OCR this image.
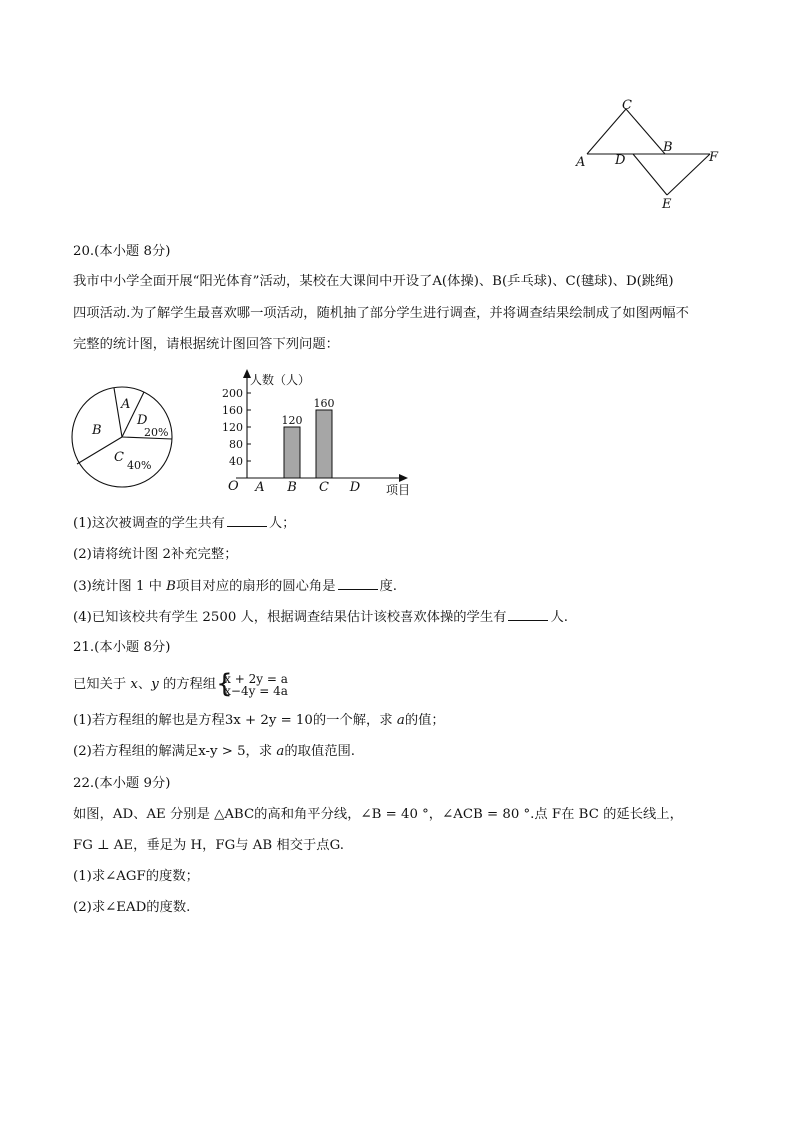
C
B
A D	F
E
20.(本小题 8分)
我市中小学全面开展“阳光体育”活动，某校在大课间中开设了A(体操)、B(乒乓球)、C(毽球)、D(跳绳)
四项活动.为了解学生最喜欢哪一项活动，随机抽了部分学生进行调查，并将调查结果绘制成了如图两幅不
完整的统计图，请根据统计图回答下列问题：
A
D
20%
B
C
40%
人数（人）
项目
O
40
80
120
160
200
120
160
A B C D
(1)这次被调查的学生共有	人；
(2)请将统计图 2补充完整；
(3)统计图 1 中 B项目对应的扇形的圆心角是	度.
(4)已知该校共有学生 2500 人，根据调查结果估计该校喜欢体操的学生有	人.
21.(本小题 8分)
已知关于 x、y 的方程组 {
x + 2y = a
x−4y = 4a
(1)若方程组的解也是方程3x + 2y = 10的一个解，求 a的值；
(2)若方程组的解满足x-y > 5，求 a的取值范围.
22.(本小题 9分)
如图，AD、AE 分别是 △ABC的高和角平分线，∠B = 40 °，∠ACB = 80 °.点 F在 BC 的延长线上，
FG ⊥ AE，垂足为 H，FG与 AB 相交于点G.
(1)求∠AGF的度数；
(2)求∠EAD的度数.
